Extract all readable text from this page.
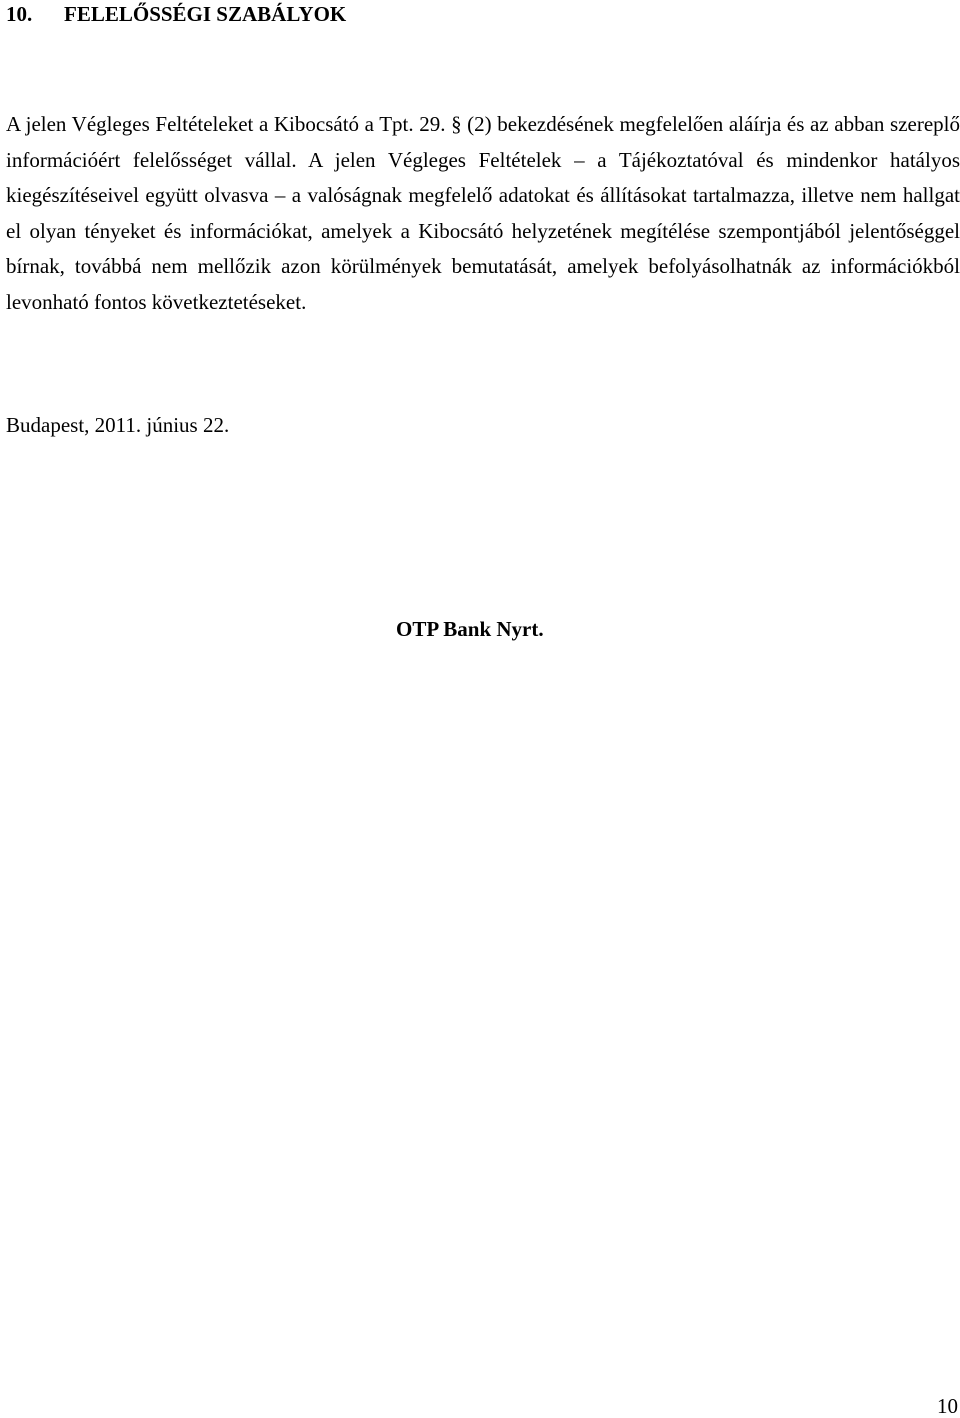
10. FELELŐSSÉGI SZABÁLYOK

A jelen Végleges Feltételeket a Kibocsátó a Tpt. 29. § (2) bekezdésének megfelelően aláírja és az abban szereplő információért felelősséget vállal. A jelen Végleges Feltételek – a Tájékoztatóval és mindenkor hatályos kiegészítéseivel együtt olvasva – a valóságnak megfelelő adatokat és állításokat tartalmazza, illetve nem hallgat el olyan tényeket és információkat, amelyek a Kibocsátó helyzetének megítélése szempontjából jelentőséggel bírnak, továbbá nem mellőzik azon körülmények bemutatását, amelyek befolyásolhatnák az információkból levonható fontos következtetéseket.

Budapest, 2011. június 22.
OTP Bank Nyrt.
10
